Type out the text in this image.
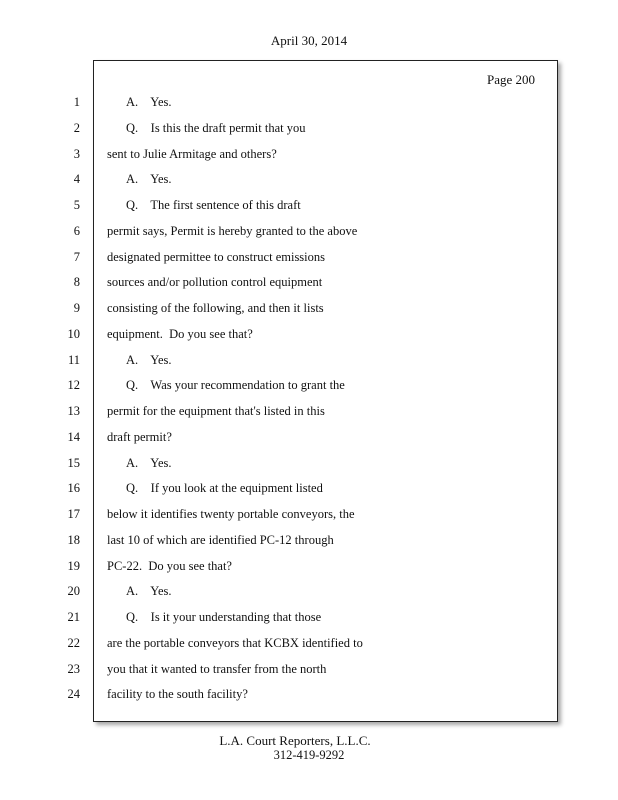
April 30, 2014
Page 200
1	A.    Yes.
2	Q.    Is this the draft permit that you
3 sent to Julie Armitage and others?
4	A.    Yes.
5	Q.    The first sentence of this draft
6 permit says, Permit is hereby granted to the above
7 designated permittee to construct emissions
8 sources and/or pollution control equipment
9 consisting of the following, and then it lists
10 equipment.  Do you see that?
11	A.    Yes.
12	Q.    Was your recommendation to grant the
13 permit for the equipment that's listed in this
14 draft permit?
15	A.    Yes.
16	Q.    If you look at the equipment listed
17 below it identifies twenty portable conveyors, the
18 last 10 of which are identified PC-12 through
19 PC-22.  Do you see that?
20	A.    Yes.
21	Q.    Is it your understanding that those
22 are the portable conveyors that KCBX identified to
23 you that it wanted to transfer from the north
24 facility to the south facility?
L.A. Court Reporters, L.L.C.
312-419-9292
